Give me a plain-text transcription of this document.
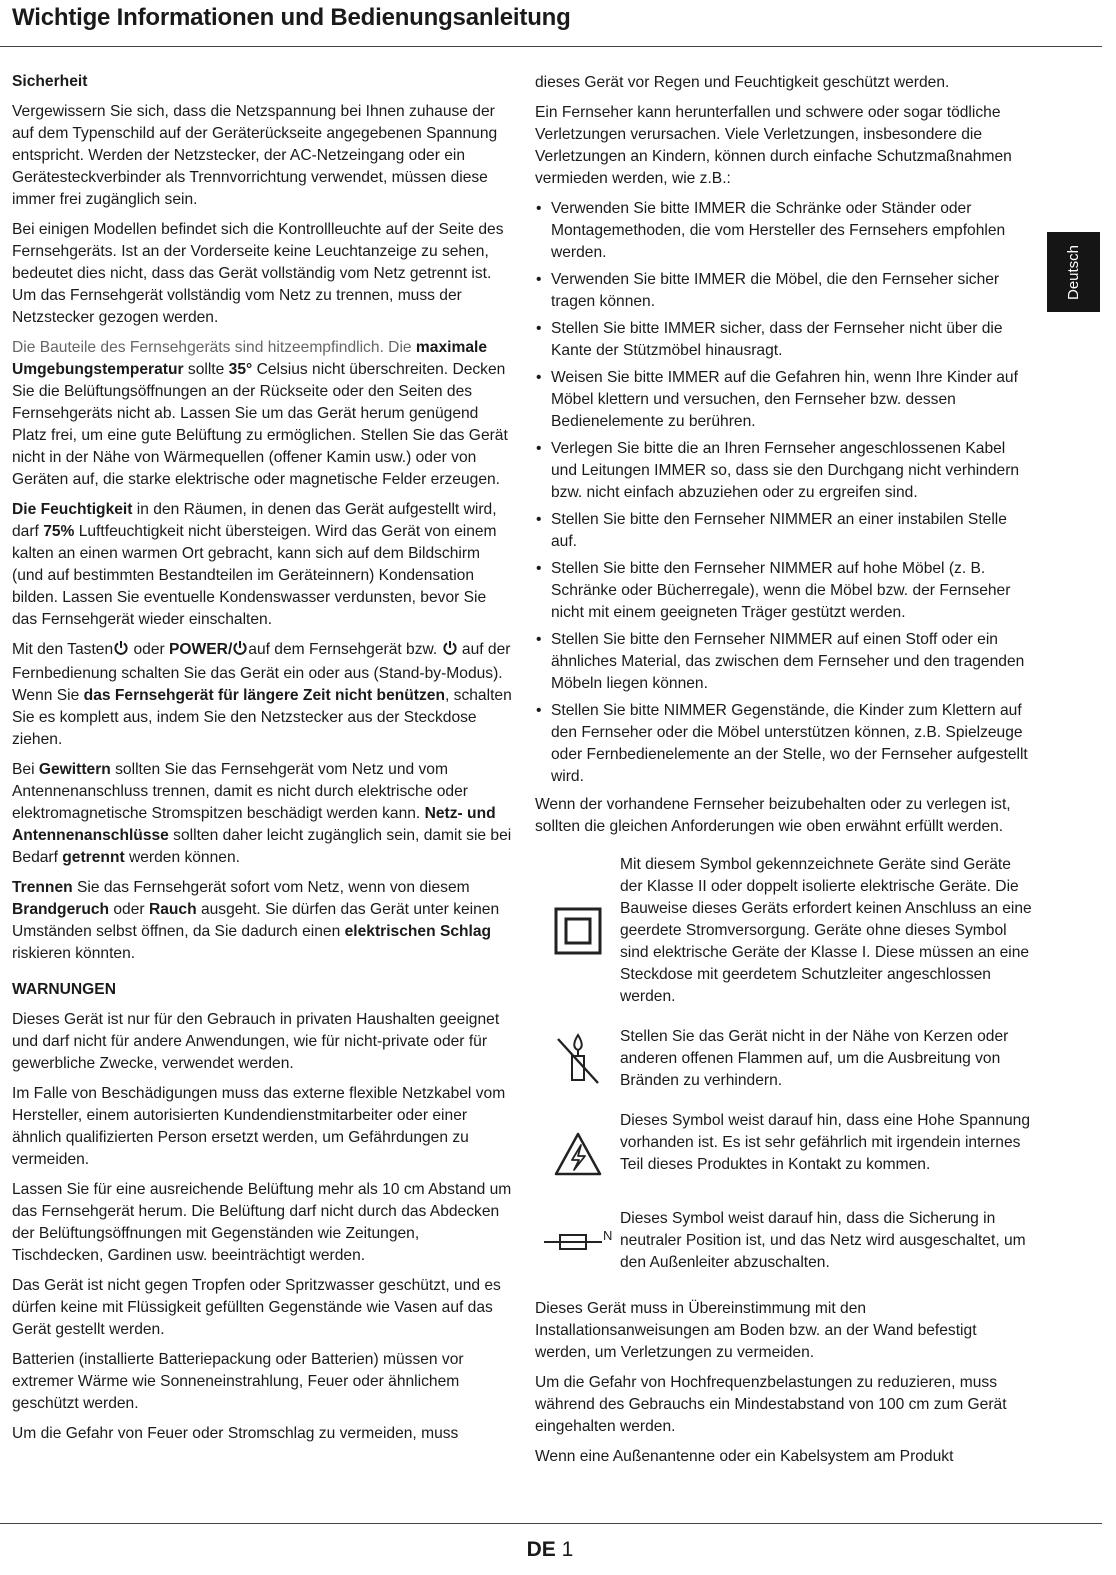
Wichtige Informationen und Bedienungsanleitung
Sicherheit

Vergewissern Sie sich, dass die Netzspannung bei Ihnen zuhause der auf dem Typenschild auf der Geräterückseite angegebenen Spannung entspricht. Werden der Netzstecker, der AC-Netzeingang oder ein Gerätesteckverbinder als Trennvorrichtung verwendet, müssen diese immer frei zugänglich sein.

Bei einigen Modellen befindet sich die Kontrollleuchte auf der Seite des Fernsehgeräts. Ist an der Vorderseite keine Leuchtanzeige zu sehen, bedeutet dies nicht, dass das Gerät vollständig vom Netz getrennt ist. Um das Fernsehgerät vollständig vom Netz zu trennen, muss der Netzstecker gezogen werden.

Die Bauteile des Fernsehgeräts sind hitzeempfindlich. Die maximale Umgebungstemperatur sollte 35° Celsius nicht überschreiten. Decken Sie die Belüftungsöffnungen an der Rückseite oder den Seiten des Fernsehgeräts nicht ab. Lassen Sie um das Gerät herum genügend Platz frei, um eine gute Belüftung zu ermöglichen. Stellen Sie das Gerät nicht in der Nähe von Wärmequellen (offener Kamin usw.) oder von Geräten auf, die starke elektrische oder magnetische Felder erzeugen.

Die Feuchtigkeit in den Räumen, in denen das Gerät aufgestellt wird, darf 75% Luftfeuchtigkeit nicht übersteigen. Wird das Gerät von einem kalten an einen warmen Ort gebracht, kann sich auf dem Bildschirm (und auf bestimmten Bestandteilen im Geräteinnern) Kondensation bilden. Lassen Sie eventuelle Kondenswasser verdunsten, bevor Sie das Fernsehgerät wieder einschalten.

Mit den Tasten oder POWER/ auf dem Fernsehgerät bzw.  auf der Fernbedienung schalten Sie das Gerät ein oder aus (Stand-by-Modus). Wenn Sie das Fernsehgerät für längere Zeit nicht benützen, schalten Sie es komplett aus, indem Sie den Netzstecker aus der Steckdose ziehen.

Bei Gewittern sollten Sie das Fernsehgerät vom Netz und vom Antennenanschluss trennen, damit es nicht durch elektrische oder elektromagnetische Stromspitzen beschädigt werden kann. Netz- und Antennenanschlüsse sollten daher leicht zugänglich sein, damit sie bei Bedarf getrennt werden können.

Trennen Sie das Fernsehgerät sofort vom Netz, wenn von diesem Brandgeruch oder Rauch ausgeht. Sie dürfen das Gerät unter keinen Umständen selbst öffnen, da Sie dadurch einen elektrischen Schlag riskieren könnten.

WARNUNGEN

Dieses Gerät ist nur für den Gebrauch in privaten Haushalten geeignet und darf nicht für andere Anwendungen, wie für nicht-private oder für gewerbliche Zwecke, verwendet werden.

Im Falle von Beschädigungen muss das externe flexible Netzkabel vom Hersteller, einem autorisierten Kundendienstmitarbeiter oder einer ähnlich qualifizierten Person ersetzt werden, um Gefährdungen zu vermeiden.

Lassen Sie für eine ausreichende Belüftung mehr als 10 cm Abstand um das Fernsehgerät herum. Die Belüftung darf nicht durch das Abdecken der Belüftungsöffnungen mit Gegenständen wie Zeitungen, Tischdecken, Gardinen usw. beeinträchtigt werden.

Das Gerät ist nicht gegen Tropfen oder Spritzwasser geschützt, und es dürfen keine mit Flüssigkeit gefüllten Gegenstände wie Vasen auf das Gerät gestellt werden.

Batterien (installierte Batteriepackung oder Batterien) müssen vor extremer Wärme wie Sonneneinstrahlung, Feuer oder ähnlichem geschützt werden.

Um die Gefahr von Feuer oder Stromschlag zu vermeiden, muss

dieses Gerät vor Regen und Feuchtigkeit geschützt werden.

Ein Fernseher kann herunterfallen und schwere oder sogar tödliche Verletzungen verursachen. Viele Verletzungen, insbesondere die Verletzungen an Kindern, können durch einfache Schutzmaßnahmen vermieden werden, wie z.B.:

• Verwenden Sie bitte IMMER die Schränke oder Ständer oder Montagemethoden, die vom Hersteller des Fernsehers empfohlen werden.
• Verwenden Sie bitte IMMER die Möbel, die den Fernseher sicher tragen können.
• Stellen Sie bitte IMMER sicher, dass der Fernseher nicht über die Kante der Stützmöbel hinausragt.
• Weisen Sie bitte IMMER auf die Gefahren hin, wenn Ihre Kinder auf Möbel klettern und versuchen, den Fernseher bzw. dessen Bedienelemente zu berühren.
• Verlegen Sie bitte die an Ihren Fernseher angeschlossenen Kabel und Leitungen IMMER so, dass sie den Durchgang nicht verhindern bzw. nicht einfach abzuziehen oder zu ergreifen sind.
• Stellen Sie bitte den Fernseher NIMMER an einer instabilen Stelle auf.
• Stellen Sie bitte den Fernseher NIMMER auf hohe Möbel (z. B. Schränke oder Bücherregale), wenn die Möbel bzw. der Fernseher nicht mit einem geeigneten Träger gestützt werden.
• Stellen Sie bitte den Fernseher NIMMER auf einen Stoff oder ein ähnliches Material, das zwischen dem Fernseher und den tragenden Möbeln liegen können.
• Stellen Sie bitte NIMMER Gegenstände, die Kinder zum Klettern auf den Fernseher oder die Möbel unterstützen können, z.B. Spielzeuge oder Fernbedienelemente an der Stelle, wo der Fernseher aufgestellt wird.

Wenn der vorhandene Fernseher beizubehalten oder zu verlegen ist, sollten die gleichen Anforderungen wie oben erwähnt erfüllt werden.

Mit diesem Symbol gekennzeichnete Geräte sind Geräte der Klasse II oder doppelt isolierte elektrische Geräte. Die Bauweise dieses Geräts erfordert keinen Anschluss an eine geerdete Stromversorgung. Geräte ohne dieses Symbol sind elektrische Geräte der Klasse I. Diese müssen an eine Steckdose mit geerdetem Schutzleiter angeschlossen werden.

Stellen Sie das Gerät nicht in der Nähe von Kerzen oder anderen offenen Flammen auf, um die Ausbreitung von Bränden zu verhindern.

Dieses Symbol weist darauf hin, dass eine Hohe Spannung vorhanden ist. Es ist sehr gefährlich mit irgendein internes Teil dieses Produktes in Kontakt zu kommen.

N

Dieses Symbol weist darauf hin, dass die Sicherung in neutraler Position ist, und das Netz wird ausgeschaltet, um den Außenleiter abzuschalten.

Dieses Gerät muss in Übereinstimmung mit den Installationsanweisungen am Boden bzw. an der Wand befestigt werden, um Verletzungen zu vermeiden.

Um die Gefahr von Hochfrequenzbelastungen zu reduzieren, muss während des Gebrauchs ein Mindestabstand von 100 cm zum Gerät eingehalten werden.

Wenn eine Außenantenne oder ein Kabelsystem am Produkt

Deutsch
DE 1
